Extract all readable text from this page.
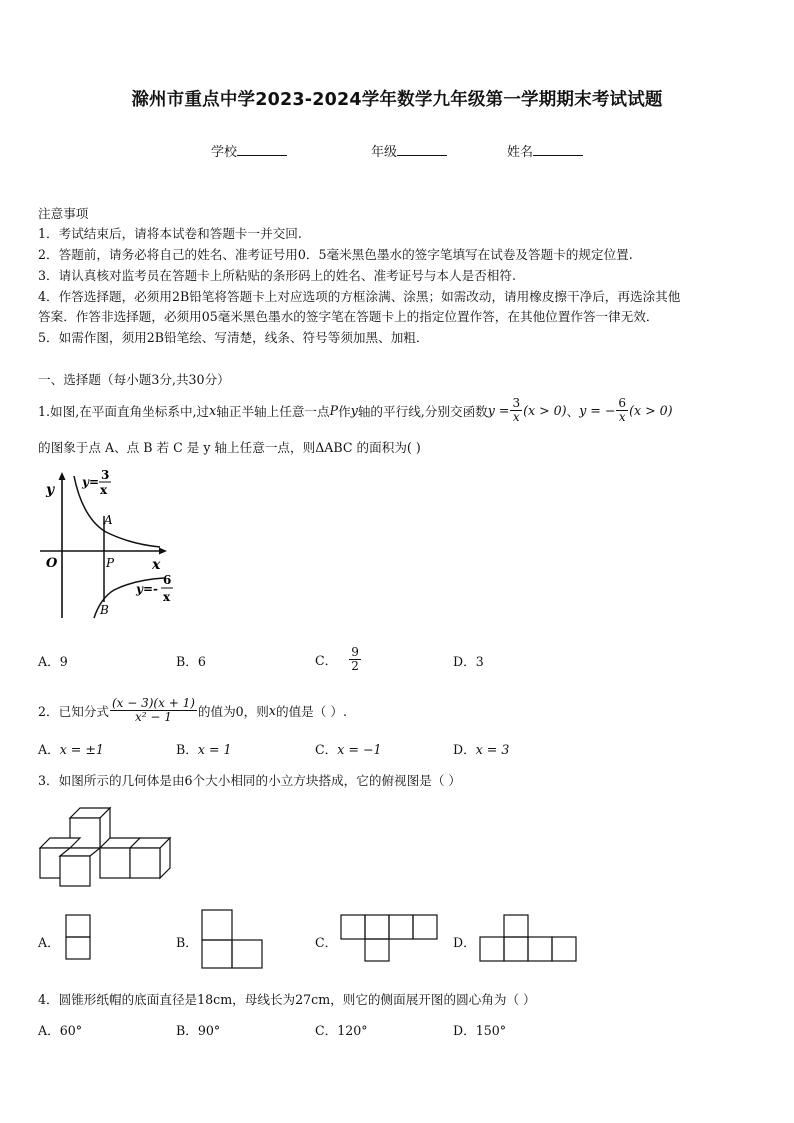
滁州市重点中学2023-2024学年数学九年级第一学期期末考试试题
学校	年级	姓名
注意事项
1．考试结束后，请将本试卷和答题卡一并交回.
2．答题前，请务必将自己的姓名、准考证号用0．5毫米黑色墨水的签字笔填写在试卷及答题卡的规定位置.
3．请认真核对监考员在答题卡上所粘贴的条形码上的姓名、准考证号与本人是否相符.
4．作答选择题，必须用2B铅笔将答题卡上对应选项的方框涂满、涂黑；如需改动，请用橡皮擦干净后，再选涂其他
答案．作答非选择题，必须用05毫米黑色墨水的签字笔在答题卡上的指定位置作答，在其他位置作答一律无效．
5．如需作图，须用2B铅笔绘、写清楚，线条、符号等须加黑、加粗．
一、选择题（每小题3分,共30分）
1.如图,在平面直角坐标系中,过 x 轴正半轴上任意一点 P 作 y 轴的平行线,分别交函数 $y = \frac{3}{x} (x > 0)$ 、 y = − $\frac{6}{x} (x > 0)$
的图象于点 A、点 B 若 C 是 y 轴上任意一点，则ΔABC 的面积为( )
y
x
O	P
A
B
y= 3
x
y=-
6
x
A．9	B．6	C． $\frac{9}{2}$	D．3
2．已知分式 $\frac{(x - 3)(x + 1)}{\text{x² − 1}}$ 的值为0，则 x 的值是（ ）.
A．x = ±1	B．x = 1	C．x = −1	D．x = 3
3．如图所示的几何体是由6个大小相同的小立方块搭成，它的俯视图是（ ）
A．	B．	C．	D．
4．圆锥形纸帽的底面直径是18cm，母线长为27cm，则它的侧面展开图的圆心角为（ ）
A．60°	B．90°	C．120°	D．150°
